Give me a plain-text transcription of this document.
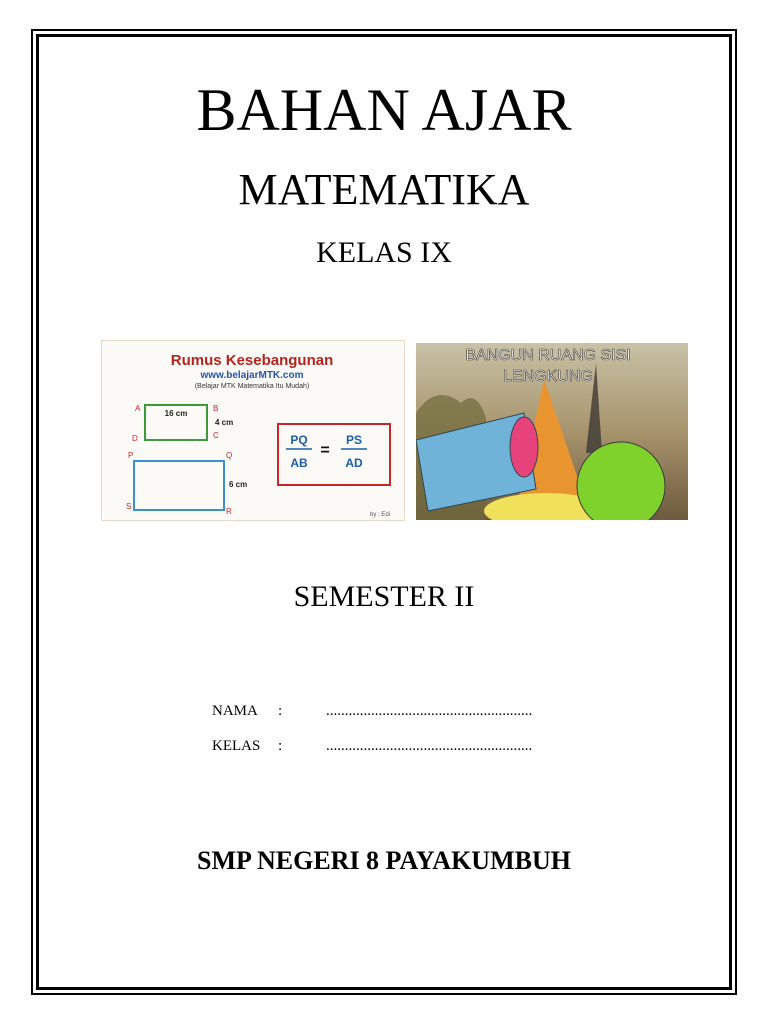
BAHAN AJAR
MATEMATIKA
KELAS IX
Rumus Kesebangunan
www.belajarMTK.com
(Belajar MTK Matematika Itu Mudah)
16 cm
4 cm
A	B
C
D
6 cm
P	Q
R
S
PQ
AB
=
PS
AD
by : Edi
BANGUN RUANG SISI
LENGKUNG
SEMESTER II
NAMA :	.......................................................
KELAS :	.......................................................
SMP NEGERI 8 PAYAKUMBUH
